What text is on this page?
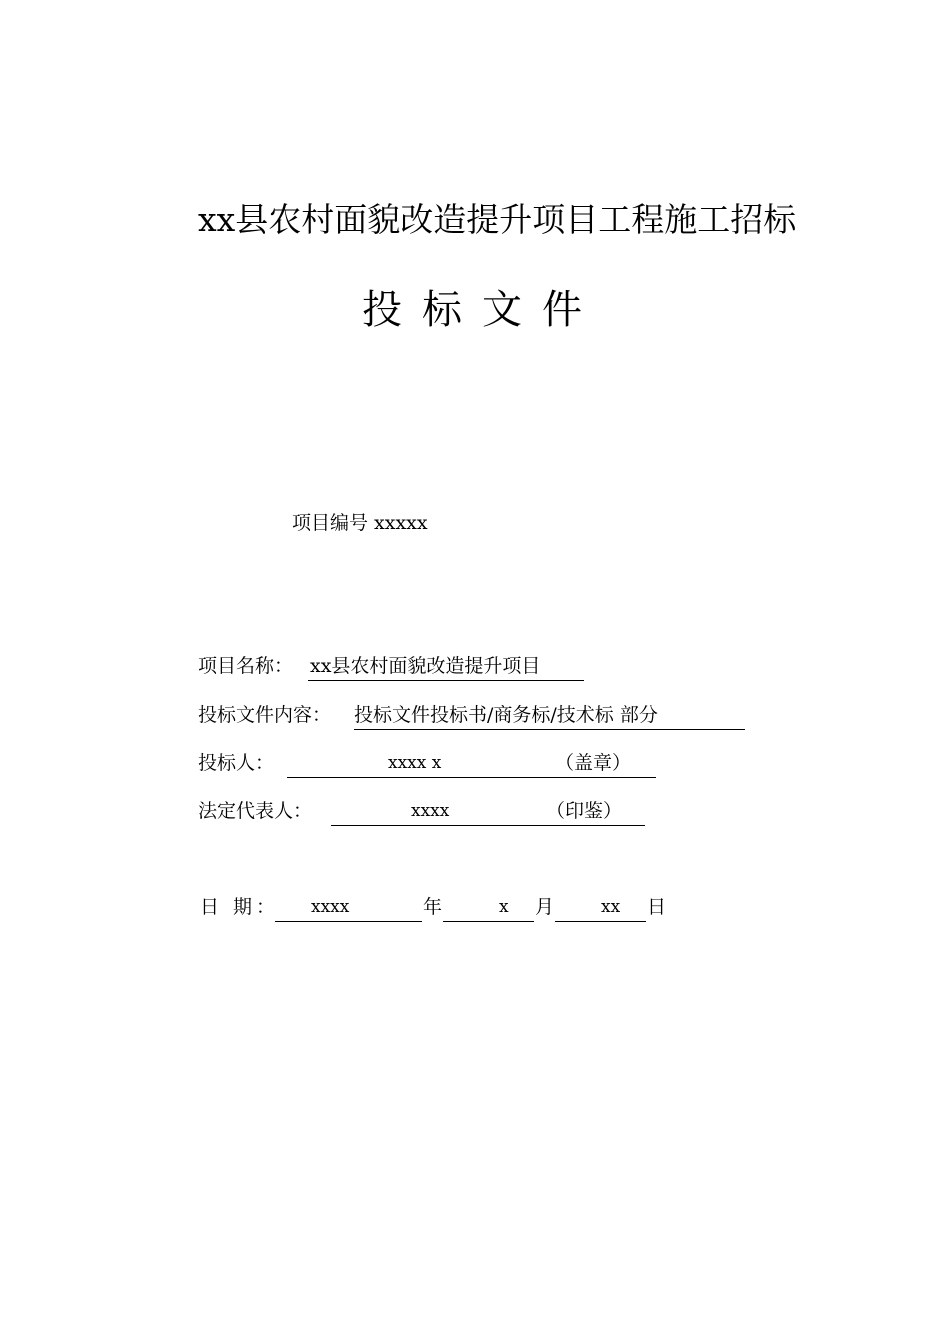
xx县农村面貌改造提升项目工程施工招标
投标文件
项目编号 xxxxx
项目名称： xx县农村面貌改造提升项目
投标文件内容： 投标文件投标书/商务标/技术标 部分
投标人：	xxxx x	（盖章）
法定代表人：	xxxx	（印鉴）
日 期： xxxx	年	x 月	xx 日
